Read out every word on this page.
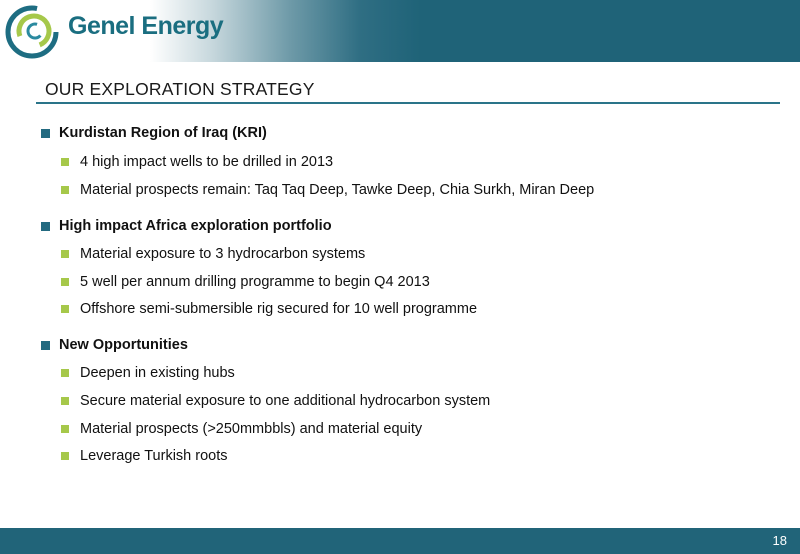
Genel Energy
OUR EXPLORATION STRATEGY
Kurdistan Region of Iraq (KRI)
4 high impact wells to be drilled in 2013
Material prospects remain: Taq Taq Deep, Tawke Deep, Chia Surkh, Miran Deep
High impact Africa exploration portfolio
Material exposure to 3 hydrocarbon systems
5 well per annum drilling programme to begin Q4 2013
Offshore semi-submersible rig secured for 10 well programme
New Opportunities
Deepen in existing hubs
Secure material exposure to one additional hydrocarbon system
Material prospects (>250mmbbls) and material equity
Leverage Turkish roots
18
